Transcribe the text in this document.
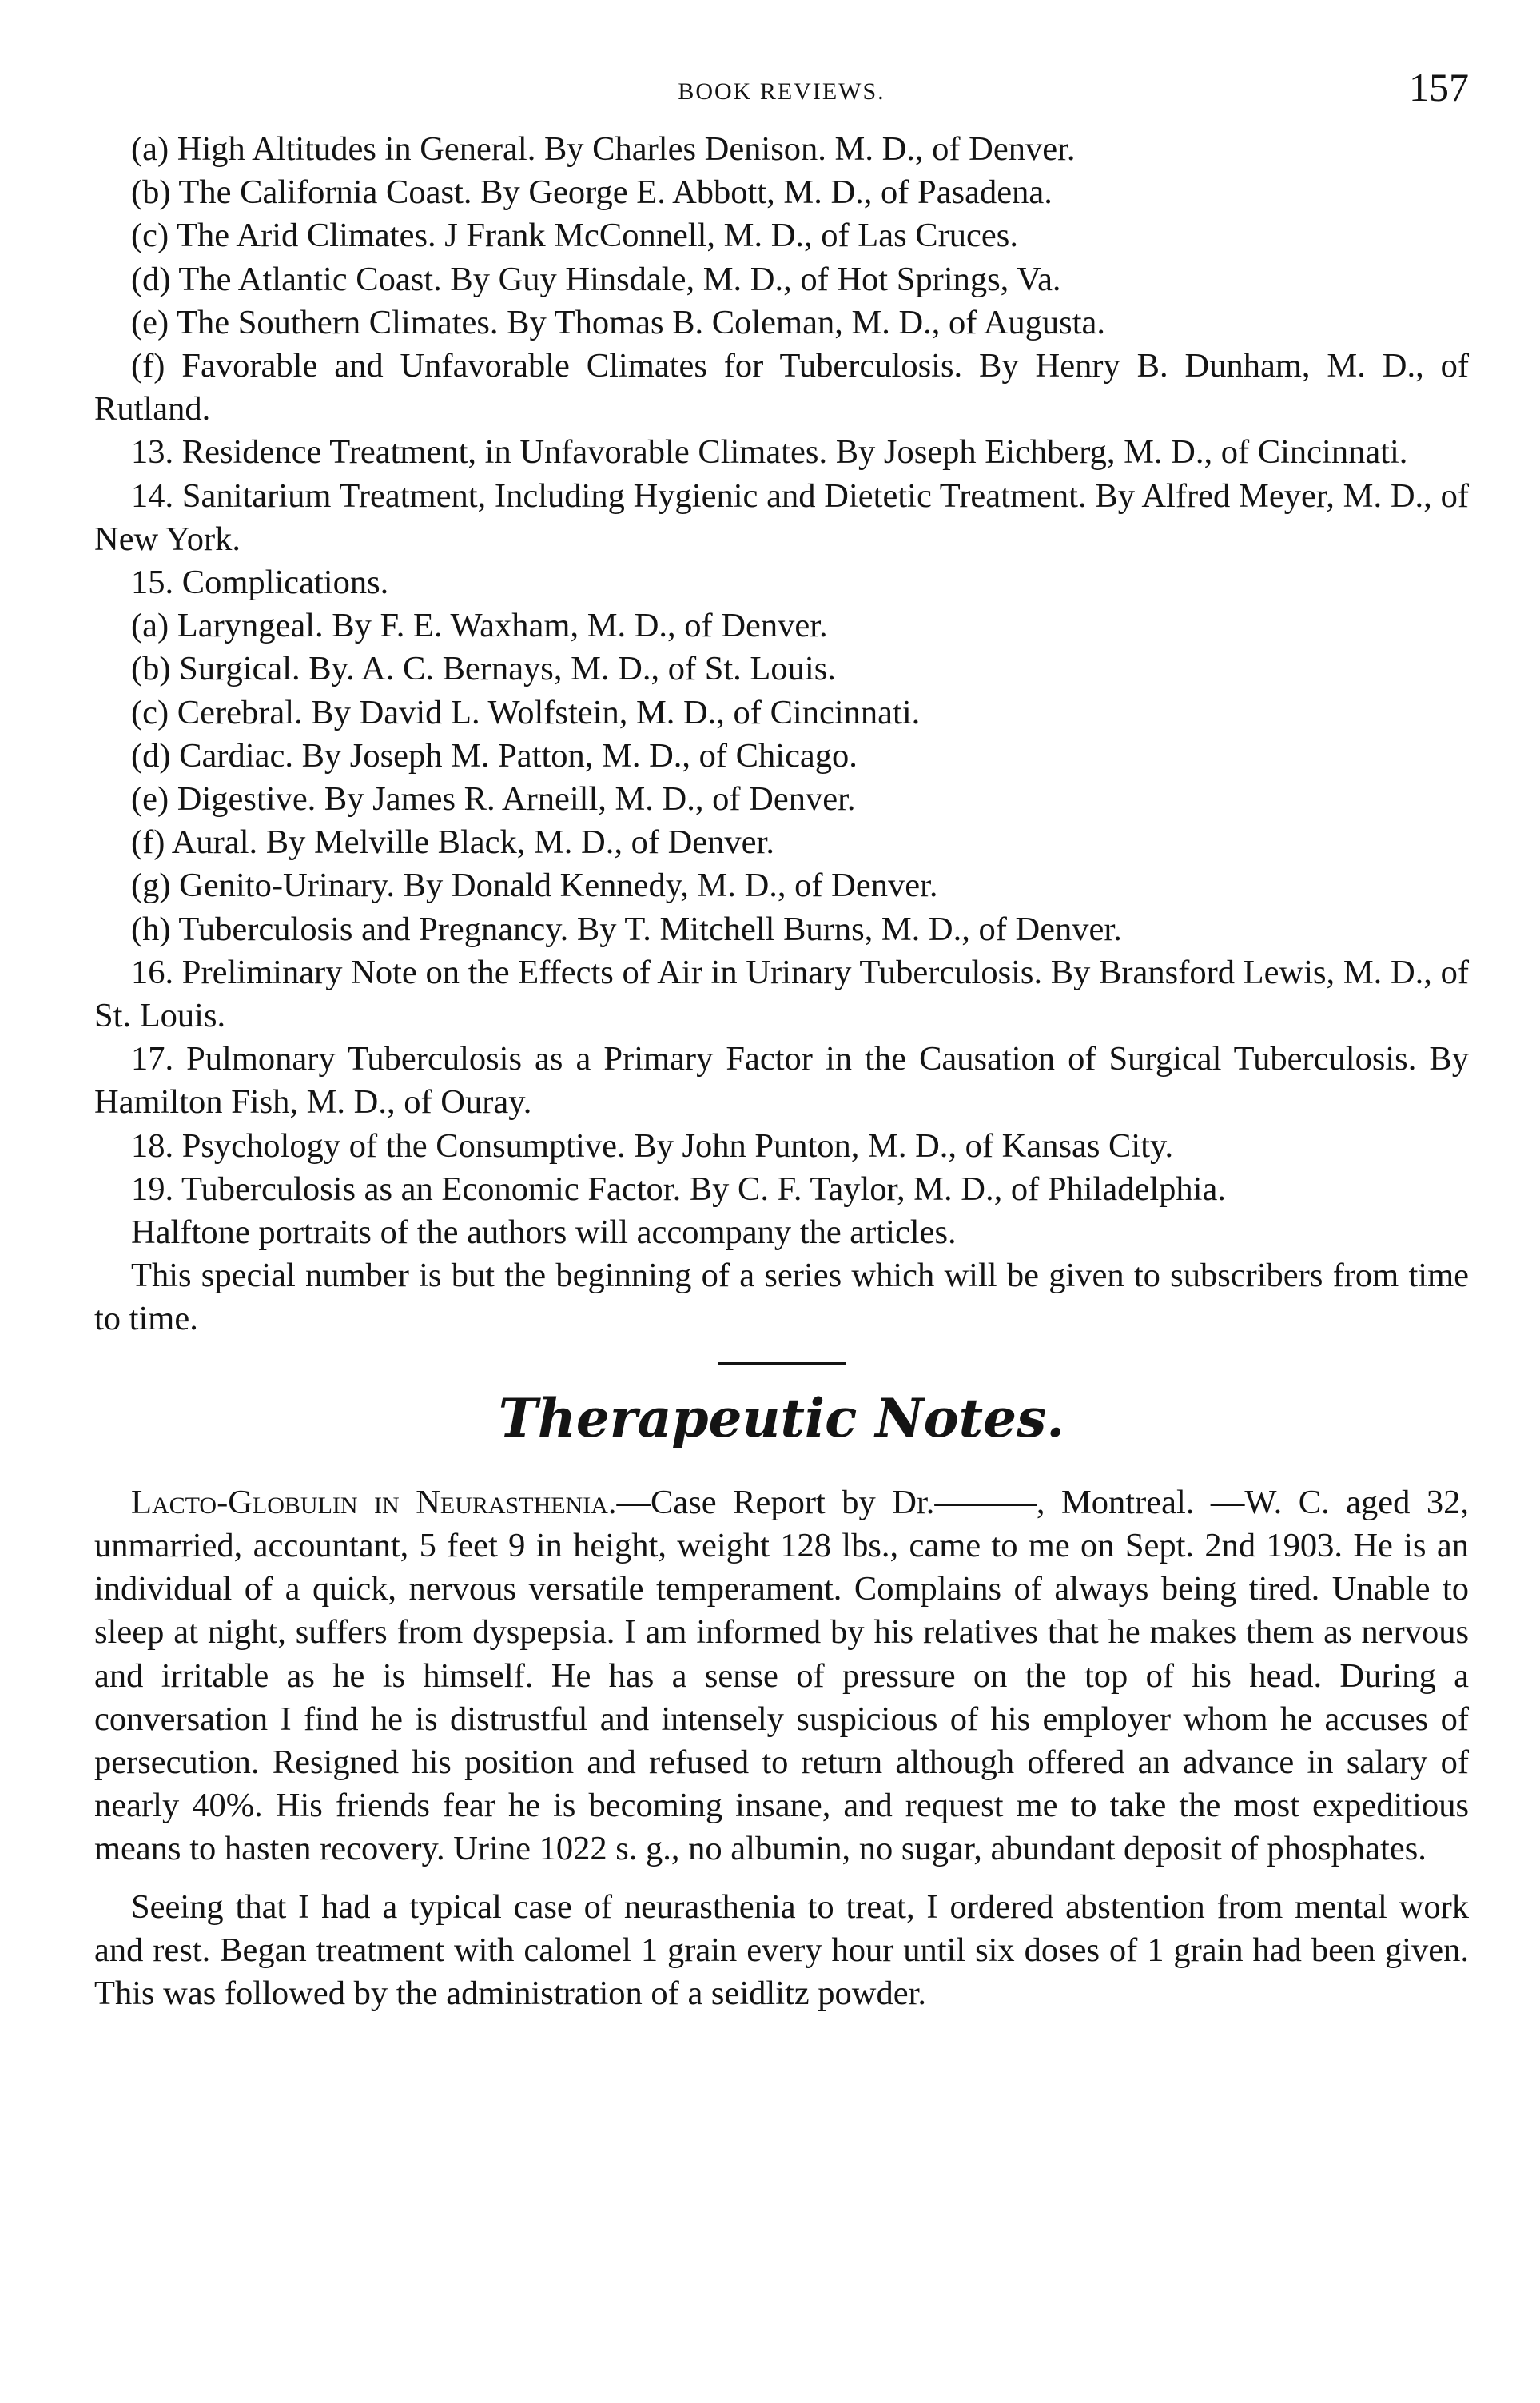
BOOK REVIEWS.	157

(a) High Altitudes in General. By Charles Denison. M. D., of Denver.

(b) The California Coast. By George E. Abbott, M. D., of Pasadena.

(c) The Arid Climates. J Frank McConnell, M. D., of Las Cruces.

(d) The Atlantic Coast. By Guy Hinsdale, M. D., of Hot Springs, Va.

(e) The Southern Climates. By Thomas B. Coleman, M. D., of Augusta.

(f) Favorable and Unfavorable Climates for Tuberculosis. By Henry B. Dunham, M. D., of Rutland.

13. Residence Treatment, in Unfavorable Climates. By Joseph Eichberg, M. D., of Cincinnati.

14. Sanitarium Treatment, Including Hygienic and Dietetic Treatment. By Alfred Meyer, M. D., of New York.

15. Complications.

(a) Laryngeal. By F. E. Waxham, M. D., of Denver.

(b) Surgical. By. A. C. Bernays, M. D., of St. Louis.

(c) Cerebral. By David L. Wolfstein, M. D., of Cincinnati.

(d) Cardiac. By Joseph M. Patton, M. D., of Chicago.

(e) Digestive. By James R. Arneill, M. D., of Denver.

(f) Aural. By Melville Black, M. D., of Denver.

(g) Genito-Urinary. By Donald Kennedy, M. D., of Denver.

(h) Tuberculosis and Pregnancy. By T. Mitchell Burns, M. D., of Denver.

16. Preliminary Note on the Effects of Air in Urinary Tuberculosis. By Bransford Lewis, M. D., of St. Louis.

17. Pulmonary Tuberculosis as a Primary Factor in the Causation of Surgical Tuberculosis. By Hamilton Fish, M. D., of Ouray.

18. Psychology of the Consumptive. By John Punton, M. D., of Kansas City.

19. Tuberculosis as an Economic Factor. By C. F. Taylor, M. D., of Philadelphia.

Halftone portraits of the authors will accompany the articles.

This special number is but the beginning of a series which will be given to subscribers from time to time.

Therapeutic Notes.

Lacto-Globulin in Neurasthenia.—Case Report by Dr.———, Montreal. —W. C. aged 32, unmarried, accountant, 5 feet 9 in height, weight 128 lbs., came to me on Sept. 2nd 1903. He is an individual of a quick, nervous versatile temperament. Complains of always being tired. Unable to sleep at night, suffers from dyspepsia. I am informed by his relatives that he makes them as nervous and irritable as he is himself. He has a sense of pressure on the top of his head. During a conversation I find he is distrustful and intensely suspicious of his employer whom he accuses of persecution. Resigned his position and refused to return although offered an advance in salary of nearly 40%. His friends fear he is becoming insane, and request me to take the most expeditious means to hasten recovery. Urine 1022 s. g., no albumin, no sugar, abundant deposit of phosphates.

Seeing that I had a typical case of neurasthenia to treat, I ordered abstention from mental work and rest. Began treatment with calomel 1 grain every hour until six doses of 1 grain had been given. This was followed by the administration of a seidlitz powder.
